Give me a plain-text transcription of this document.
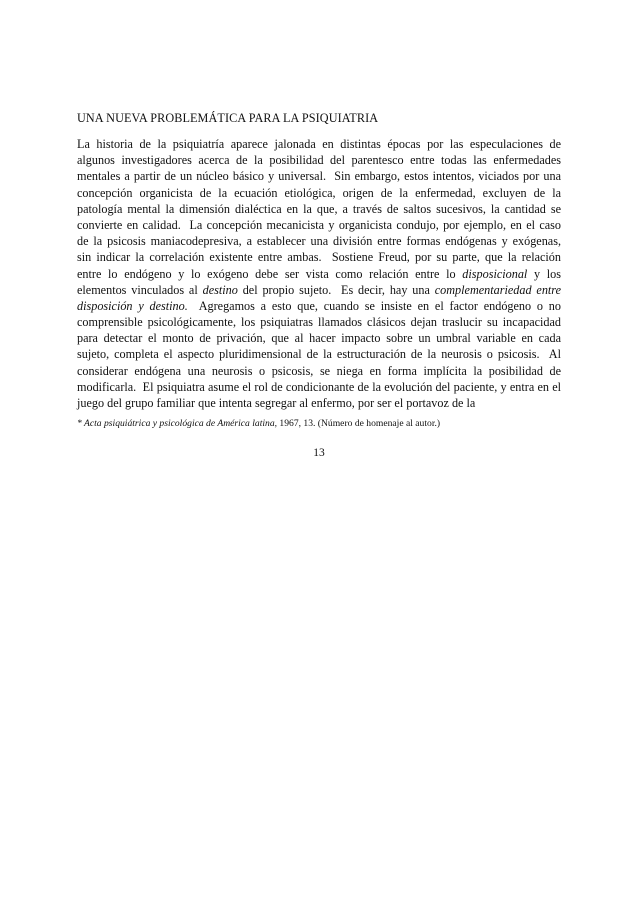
UNA NUEVA PROBLEMÁTICA PARA LA PSIQUIATRIA
La historia de la psiquiatría aparece jalonada en distintas épocas por las especulaciones de
algunos investigadores acerca de la posibilidad del parentesco entre todas las enfermedades
mentales a partir de un núcleo básico y universal.  Sin embargo, estos intentos, viciados por una
concepción organicista de la ecuación etiológica, origen de la enfermedad, excluyen de la
patología mental la dimensión dialéctica en la que, a través de saltos sucesivos, la cantidad se
convierte en calidad.  La concepción mecanicista y organicista condujo, por ejemplo, en el caso
de la psicosis maniacodepresiva, a establecer una división entre formas endógenas y exógenas,
sin indicar la correlación existente entre ambas.  Sostiene Freud, por su parte, que la relación
entre lo endógeno y lo exógeno debe ser vista como relación entre lo disposicional y los
elementos vinculados al destino del propio sujeto.  Es decir, hay una complementariedad entre
disposición y destino.  Agregamos a esto que, cuando se insiste en el factor endógeno o no
comprensible psicológicamente, los psiquiatras llamados clásicos dejan traslucir su incapacidad
para detectar el monto de privación, que al hacer impacto sobre un umbral variable en cada
sujeto, completa el aspecto pluridimensional de la estructuración de la neurosis o psicosis.  Al
considerar endógena una neurosis o psicosis, se niega en forma implícita la posibilidad de
modificarla.  El psiquiatra asume el rol de condicionante de la evolución del paciente, y entra en el
juego del grupo familiar que intenta segregar al enfermo, por ser el portavoz de la
* Acta psiquiátrica y psicológica de América latina, 1967, 13. (Número de homenaje al autor.)
13
